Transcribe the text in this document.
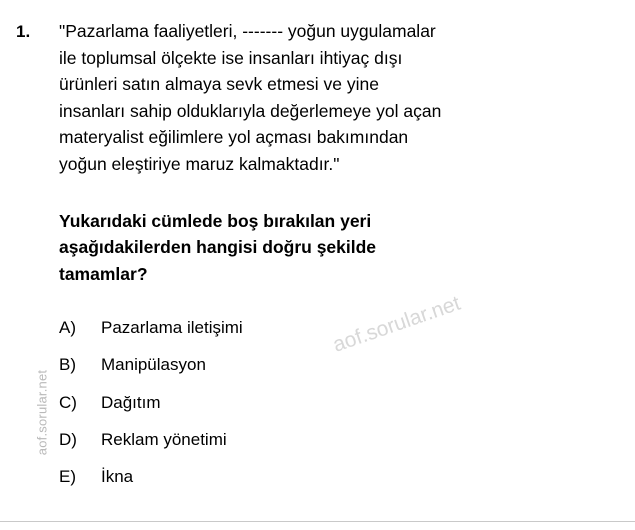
aof.sorular.net
1. "Pazarlama faaliyetleri, ------- yoğun uygulamalar
ile toplumsal ölçekte ise insanları ihtiyaç dışı
ürünleri satın almaya sevk etmesi ve yine
insanları sahip olduklarıyla değerlemeye yol açan
materyalist eğilimlere yol açması bakımından
yoğun eleştiriye maruz kalmaktadır."
Yukarıdaki cümlede boş bırakılan yeri
aşağıdakilerden hangisi doğru şekilde
tamamlar?
A)	Pazarlama iletişimi
B)	Manipülasyon
C)	Dağıtım
D)	Reklam yönetimi
E)	İkna
aof.sorular.net
